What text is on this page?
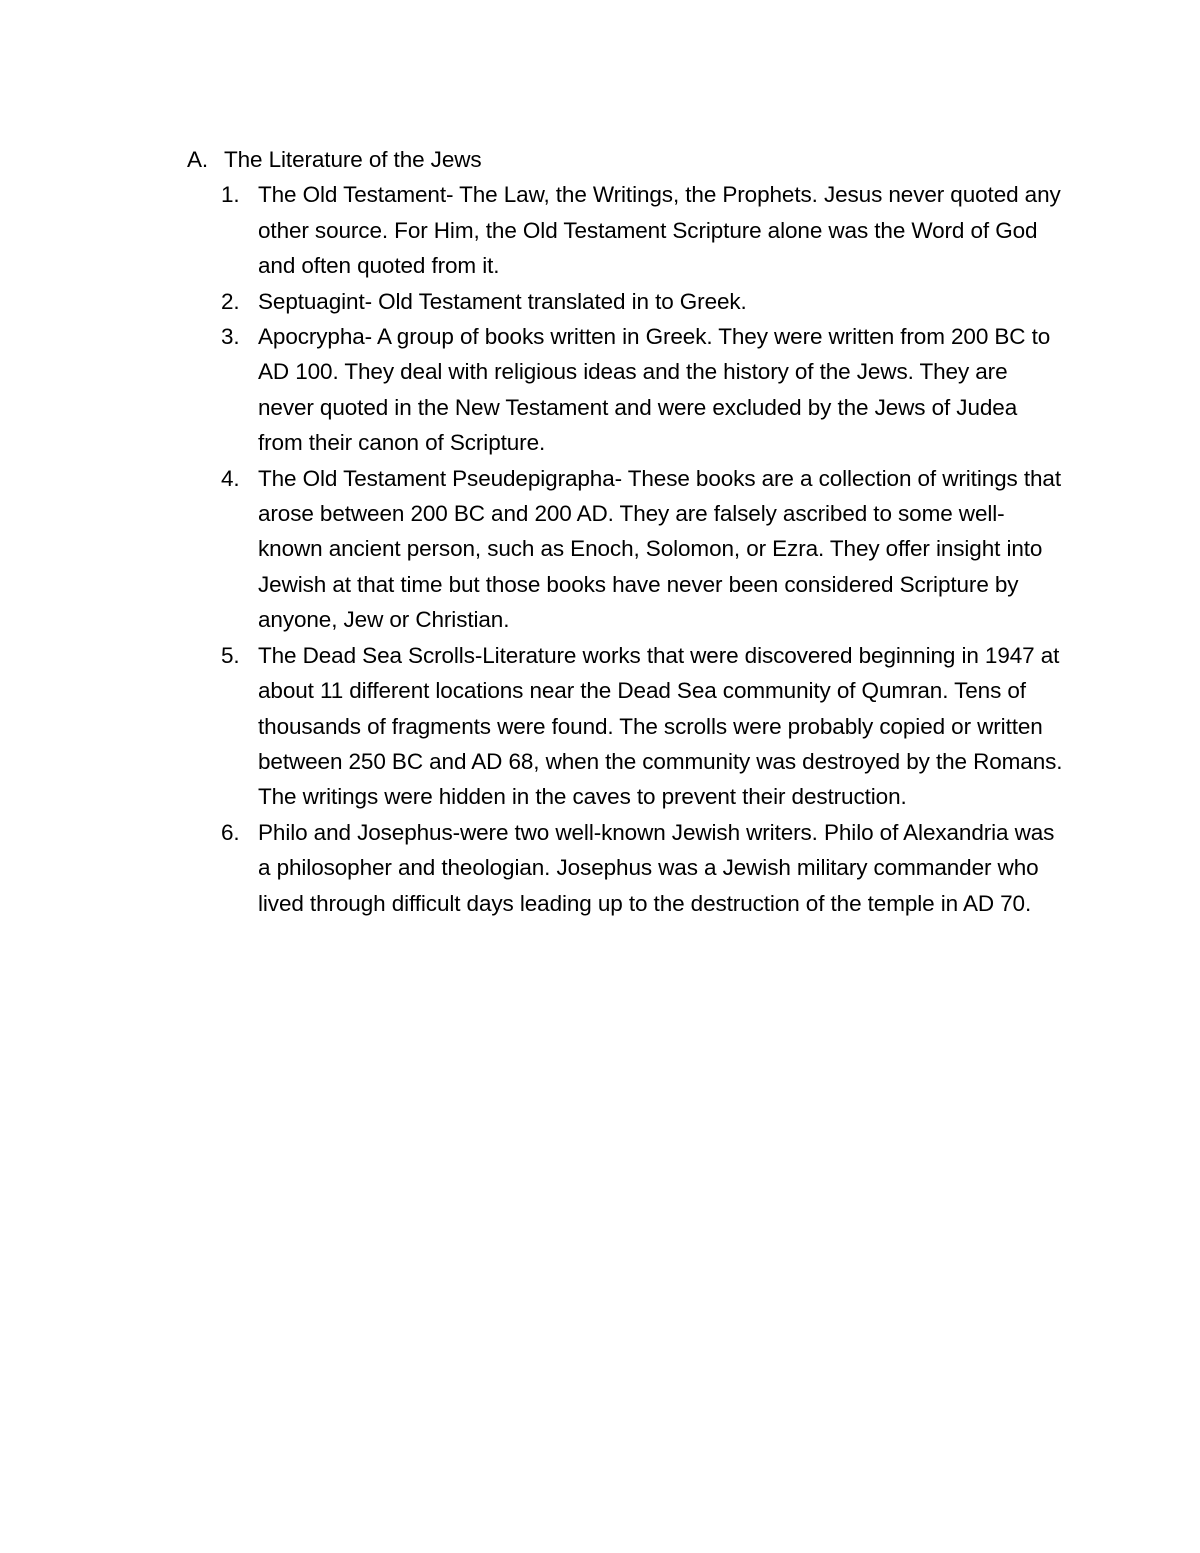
A. The Literature of the Jews
1. The Old Testament- The Law, the Writings, the Prophets. Jesus never quoted any other source. For Him, the Old Testament Scripture alone was the Word of God and often quoted from it.
2. Septuagint- Old Testament translated in to Greek.
3. Apocrypha- A group of books written in Greek. They were written from 200 BC to AD 100. They deal with religious ideas and the history of the Jews. They are never quoted in the New Testament and were excluded by the Jews of Judea from their canon of Scripture.
4. The Old Testament Pseudepigrapha- These books are a collection of writings that arose between 200 BC and 200 AD. They are falsely ascribed to some well-known ancient person, such as Enoch, Solomon, or Ezra. They offer insight into Jewish at that time but those books have never been considered Scripture by anyone, Jew or Christian.
5. The Dead Sea Scrolls-Literature works that were discovered beginning in 1947 at about 11 different locations near the Dead Sea community of Qumran. Tens of thousands of fragments were found. The scrolls were probably copied or written between 250 BC and AD 68, when the community was destroyed by the Romans. The writings were hidden in the caves to prevent their destruction.
6. Philo and Josephus-were two well-known Jewish writers. Philo of Alexandria was a philosopher and theologian. Josephus was a Jewish military commander who lived through difficult days leading up to the destruction of the temple in AD 70.
